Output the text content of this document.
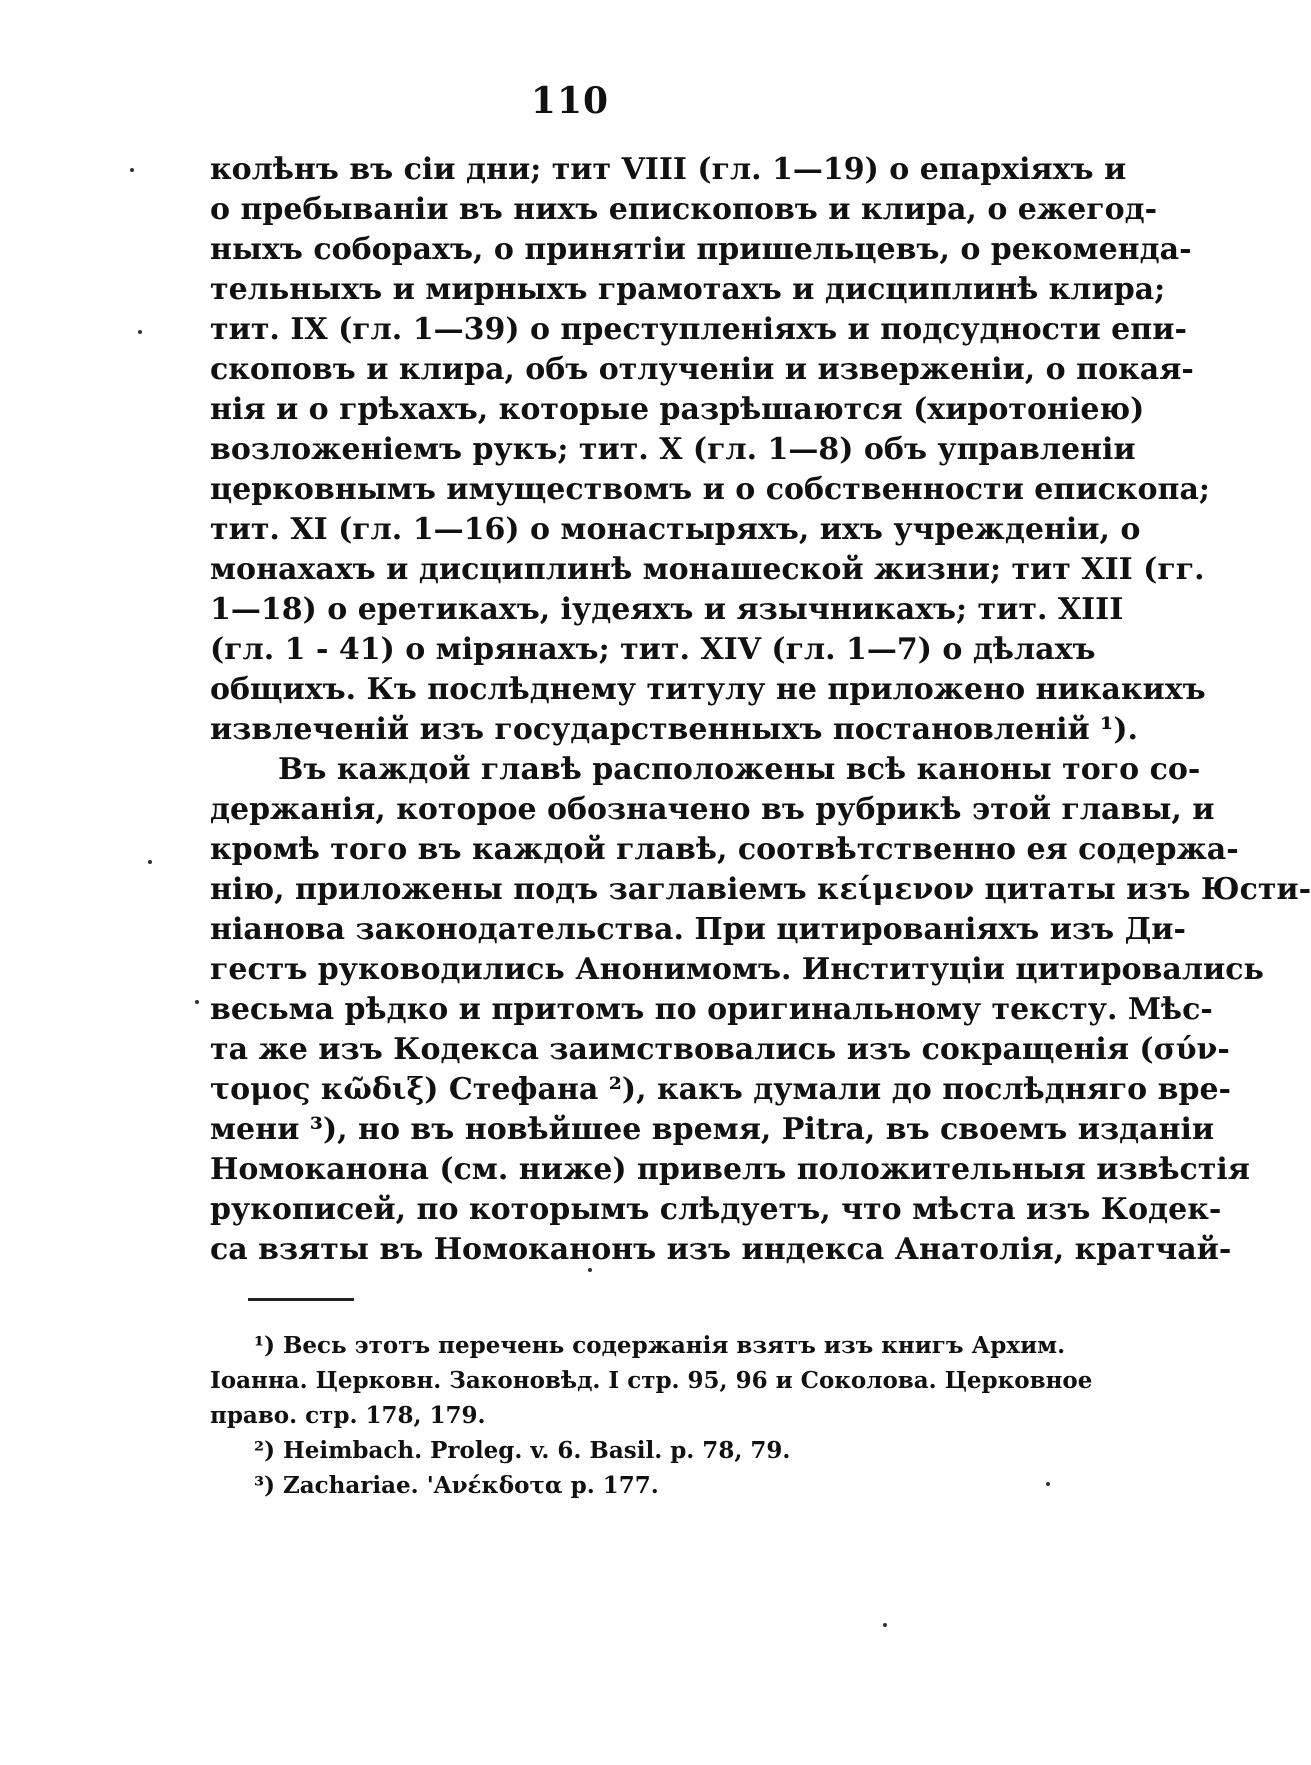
110
колѣнъ въ сіи дни; тит VIII (гл. 1—19) о епархіяхъ и
о пребываніи въ нихъ епископовъ и клира, о ежегод-
ныхъ соборахъ, о принятіи пришельцевъ, о рекоменда-
тельныхъ и мирныхъ грамотахъ и дисциплинѣ клира;
тит. IX (гл. 1—39) о преступленіяхъ и подсудности епи-
скоповъ и клира, объ отлученіи и изверженіи, о покая-
нія и о грѣхахъ, которые разрѣшаются (хиротоніею)
возложеніемъ рукъ; тит. X (гл. 1—8) объ управленіи
церковнымъ имуществомъ и о собственности епископа;
тит. XI (гл. 1—16) о монастыряхъ, ихъ учрежденіи, о
монахахъ и дисциплинѣ монашеской жизни; тит XII (гг.
1—18) о еретикахъ, іудеяхъ и язычникахъ; тит. XIII
(гл. 1 - 41) о мірянахъ; тит. XIV (гл. 1—7) о дѣлахъ
общихъ. Къ послѣднему титулу не приложено никакихъ
извлеченій изъ государственныхъ постановленій ¹).
Въ каждой главѣ расположены всѣ каноны того со-
держанія, которое обозначено въ рубрикѣ этой главы, и
кромѣ того въ каждой главѣ, соотвѣтственно ея содержа-
нію, приложены подъ заглавіемъ κείμενον цитаты изъ Юсти-
ніанова законодательства. При цитированіяхъ изъ Ди-
гестъ руководились Анонимомъ. Институціи цитировались
весьма рѣдко и притомъ по оригинальному тексту. Мѣс-
та же изъ Кодекса заимствовались изъ сокращенія (σύν-
τομος κῶδιξ) Стефана ²), какъ думали до послѣдняго вре-
мени ³), но въ новѣйшее время, Pitra, въ своемъ изданіи
Номоканона (см. ниже) привелъ положительныя извѣстія
рукописей, по которымъ слѣдуетъ, что мѣста изъ Кодек-
са взяты въ Номоканонъ изъ индекса Анатолія, кратчай-
¹) Весь этотъ перечень содержанія взятъ изъ книгъ Архим.
Іоанна. Церковн. Законовѣд. I стр. 95, 96 и Соколова. Церковное
право. стр. 178, 179.
²) Heimbach. Proleg. v. 6. Basil. p. 78, 79.
³) Zachariae. 'Ανέκδοτα p. 177.
